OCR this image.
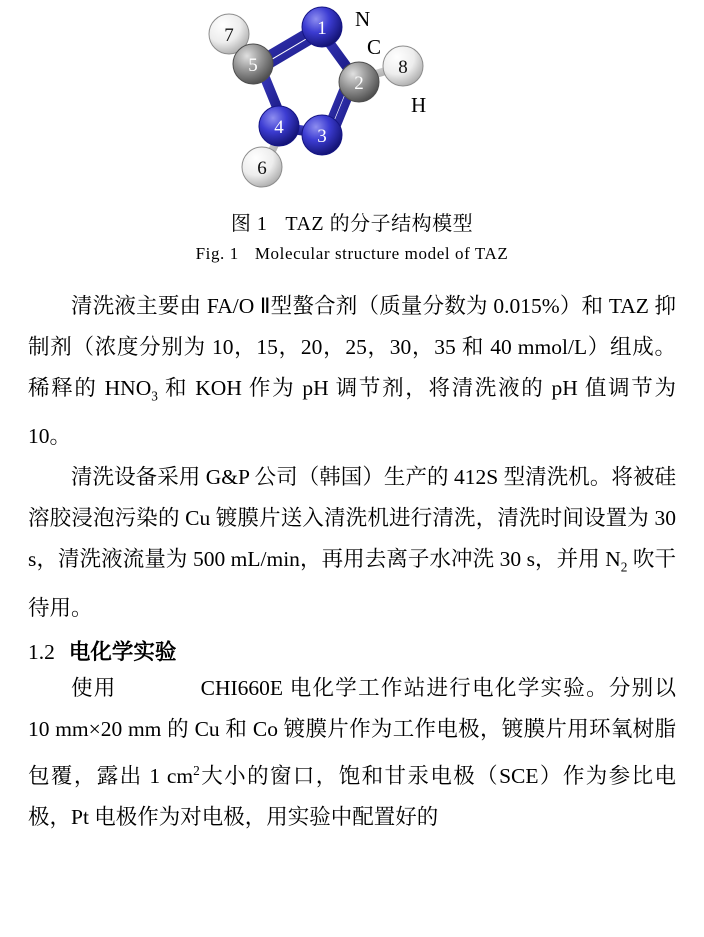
7	1
5
2
8
3
4
6
N
C
H
图 1 TAZ 的分子结构模型
Fig. 1 Molecular structure model of TAZ

清洗液主要由 FA/O Ⅱ型螯合剂（质量分数为 0.015%）和 TAZ 抑制剂（浓度分别为 10，15，20，25，30，35 和 40 mmol/L）组成。稀释的 $HNO_3$ 和 KOH 作为 pH 调节剂，将清洗液的 pH 值调节为 10。

清洗设备采用 G&P 公司（韩国）生产的 412S 型清洗机。将被硅溶胶浸泡污染的 Cu 镀膜片送入清洗机进行清洗，清洗时间设置为 30 s，清洗液流量为 500 mL/min，再用去离子水冲洗 30 s，并用 $N_2$ 吹干待用。

1.2 电化学实验

使用	CHI660E 电化学工作站进行电化学实验。分别以 10 mm×20 mm 的 Cu 和 Co 镀膜片作为工作电极，镀膜片用环氧树脂包覆，露出 1 $cm^2$大小的窗口，饱和甘汞电极（SCE）作为参比电极，Pt 电极作为对电极，用实验中配置好的
